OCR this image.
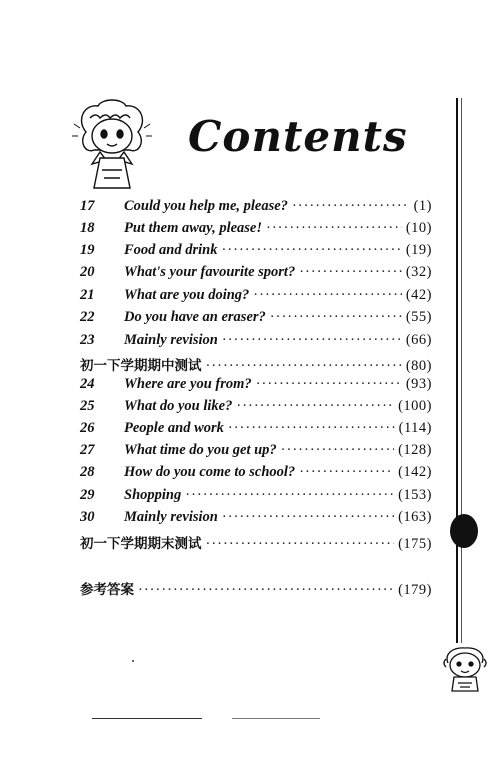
Contents
17	Could you help me, please? ·····	(1)
18	Put them away, please! ·····	(10)
19	Food and drink ·····	(19)
20	What's your favourite sport? ·····	(32)
21	What are you doing? ·····	(42)
22	Do you have an eraser? ·····	(55)
23	Mainly revision ·····	(66)
初一下学期期中测试 ·····	(80)
24	Where are you from? ·····	(93)
25	What do you like? ·····	(100)
26	People and work ·····	(114)
27	What time do you get up? ·····	(128)
28	How do you come to school? ·····	(142)
29	Shopping ·····	(153)
30	Mainly revision ·····	(163)
初一下学期期末测试 ·····	(175)
参考答案 ·····	(179)
